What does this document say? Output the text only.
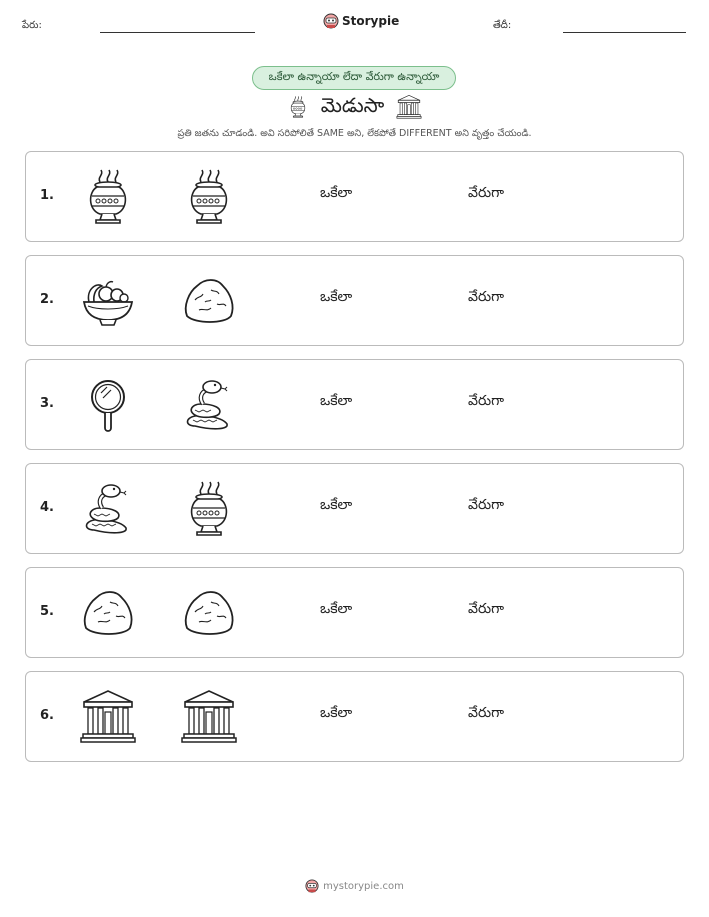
పేరు:	Storypie	తేదీ:
ఒకేలా ఉన్నాయా లేదా వేరుగా ఉన్నాయా
మెడుసా
ప్రతి జతను చూడండి. అవి సరిపోలితే SAME అని, లేకపోతే DIFFERENT అని వృత్తం చేయండి.
1.	ఒకేలా	వేరుగా
2.	ఒకేలా	వేరుగా
3.	ఒకేలా	వేరుగా
4.	ఒకేలా	వేరుగా
5.	ఒకేలా	వేరుగా
6.	ఒకేలా	వేరుగా
mystorypie.com
